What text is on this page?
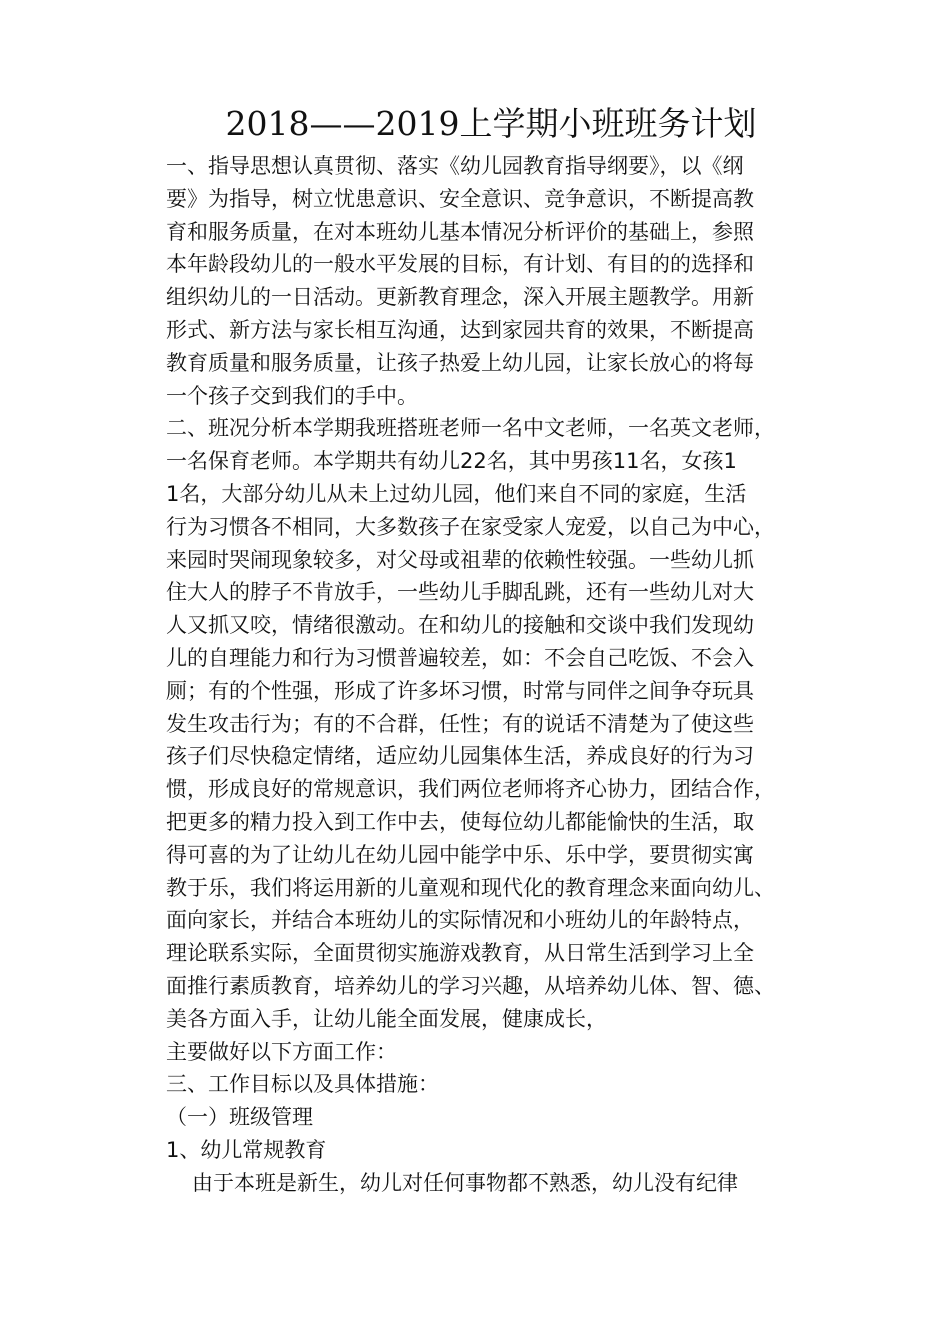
2018——2019上学期小班班务计划
一、指导思想认真贯彻、落实《幼儿园教育指导纲要》，以《纲
要》为指导，树立忧患意识、安全意识、竞争意识，不断提高教
育和服务质量，在对本班幼儿基本情况分析评价的基础上，参照
本年龄段幼儿的一般水平发展的目标，有计划、有目的的选择和
组织幼儿的一日活动。更新教育理念，深入开展主题教学。用新
形式、新方法与家长相互沟通，达到家园共育的效果，不断提高
教育质量和服务质量，让孩子热爱上幼儿园，让家长放心的将每
一个孩子交到我们的手中。
二、班况分析本学期我班搭班老师一名中文老师，一名英文老师，
一名保育老师。本学期共有幼儿22名，其中男孩11名，女孩1
1名，大部分幼儿从未上过幼儿园，他们来自不同的家庭，生活
行为习惯各不相同，大多数孩子在家受家人宠爱，以自己为中心，
来园时哭闹现象较多，对父母或祖辈的依赖性较强。一些幼儿抓
住大人的脖子不肯放手，一些幼儿手脚乱跳，还有一些幼儿对大
人又抓又咬，情绪很激动。在和幼儿的接触和交谈中我们发现幼
儿的自理能力和行为习惯普遍较差，如：不会自己吃饭、不会入
厕；有的个性强，形成了许多坏习惯，时常与同伴之间争夺玩具
发生攻击行为；有的不合群，任性；有的说话不清楚为了使这些
孩子们尽快稳定情绪，适应幼儿园集体生活，养成良好的行为习
惯，形成良好的常规意识，我们两位老师将齐心协力，团结合作，
把更多的精力投入到工作中去，使每位幼儿都能愉快的生活，取
得可喜的为了让幼儿在幼儿园中能学中乐、乐中学，要贯彻实寓
教于乐，我们将运用新的儿童观和现代化的教育理念来面向幼儿、
面向家长，并结合本班幼儿的实际情况和小班幼儿的年龄特点，
理论联系实际，全面贯彻实施游戏教育，从日常生活到学习上全
面推行素质教育，培养幼儿的学习兴趣，从培养幼儿体、智、德、
美各方面入手，让幼儿能全面发展，健康成长，
主要做好以下方面工作：
三、工作目标以及具体措施：
（一）班级管理
1、幼儿常规教育
由于本班是新生，幼儿对任何事物都不熟悉，幼儿没有纪律
